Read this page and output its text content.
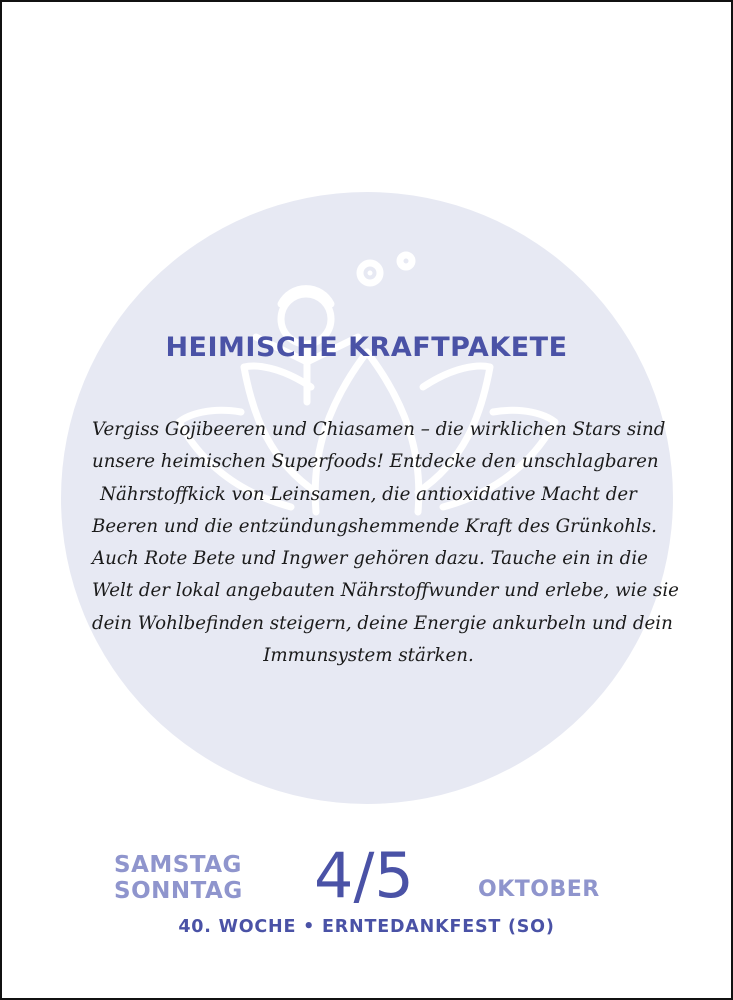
HEIMISCHE KRAFTPAKETE
Vergiss Gojibeeren und Chiasamen – die wirklichen Stars sind
unsere heimischen Superfoods! Entdecke den unschlagbaren
Nährstoffkick von Leinsamen, die antioxidative Macht der
Beeren und die entzündungshemmende Kraft des Grünkohls.
Auch Rote Bete und Ingwer gehören dazu. Tauche ein in die
Welt der lokal angebauten Nährstoffwunder und erlebe, wie sie
dein Wohlbefinden steigern, deine Energie ankurbeln und dein
Immunsystem stärken.
SAMSTAG
SONNTAG 4/5	OKTOBER
40. WOCHE • ERNTEDANKFEST (SO)
